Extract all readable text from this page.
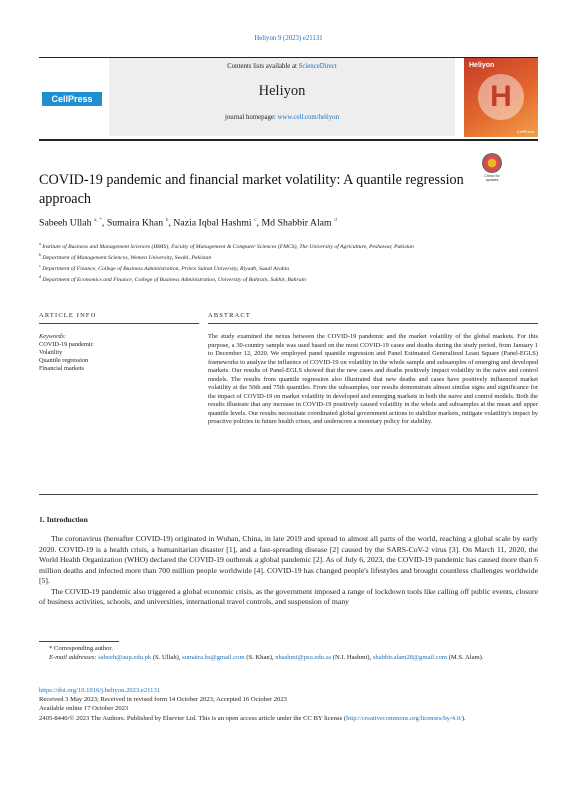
Heliyon 9 (2023) e21131
CellPress
Contents lists available at ScienceDirect
Heliyon
journal homepage: www.cell.com/heliyon
Heliyon
H
CellPress
Check for updates
COVID-19 pandemic and financial market volatility: A quantile regression approach
Sabeeh Ullah $^{a, *}$, Sumaira Khan $^b$, Nazia Iqbal Hashmi $^c$, Md Shabbir Alam $^d$
$^a$ Institute of Business and Management Sciences (IBMS), Faculty of Management & Computer Sciences (FMCS), The University of Agriculture, Peshawar, Pakistan
$^b$ Department of Management Sciences, Women University, Swabi, Pakistan
$^c$ Department of Finance, College of Business Administration, Prince Sultan University, Riyadh, Saudi Arabia
$^d$ Department of Economics and Finance, College of Business Administration, University of Bahrain, Sakhir, Bahrain
ARTICLE INFO	ABSTRACT
Keywords:
COVID-19 pandemic
Volatility
Quantile regression
Financial markets
The study examined the nexus between the COVID-19 pandemic and the market volatility of the global markets. For this purpose, a 30-country sample was used based on the most COVID-19 cases and deaths during the study period, from January 1 to December 12, 2020. We employed panel quantile regression and Panel Estimated Generalized Least Square (Panel-EGLS) frameworks to analyze the influence of COVID-19 on volatility in the whole sample and subsamples of emerging and developed markets. Our results of Panel-EGLS showed that the new cases and deaths positively impact volatility in the naive and control models. The results from quantile regression also illustrated that new deaths and cases have positively influenced market volatility at the 50th and 75th quantiles. From the subsamples, our results demonstrate almost similar signs and significance for the impact of COVID-19 on market volatility in developed and emerging markets in both the naive and control models. Both the results illustrate that any increase in COVID-19 positively caused volatility in the whole and subsamples at the mean and upper quantile levels. Our results necessitate coordinated global government actions to stabilize markets, mitigate volatility's impact by proactive policies in future health crises, and underscore a monetary policy for stability.
1. Introduction

The coronavirus (hereafter COVID-19) originated in Wuhan, China, in late 2019 and spread to almost all parts of the world, reaching a global scale by early 2020. COVID-19 is a health crisis, a humanitarian disaster [1], and a fast-spreading disease [2] caused by the SARS-CoV-2 virus [3]. On March 11, 2020, the World Health Organization (WHO) declared the COVID-19 outbreak a global pandemic [2]. As of July 6, 2023, the COVID-19 pandemic has caused more than 6 million deaths and infected more than 700 million people worldwide [4]. COVID-19 has changed people's lifestyles and brought countless challenges worldwide [5].

The COVID-19 pandemic also triggered a global economic crisis, as the government imposed a range of lockdown tools like calling off public events, closure of business activities, schools, and universities, international travel controls, and suspension of many

* Corresponding author.
E-mail addresses: sabeeh@aup.edu.pk (S. Ullah), sumaira.bs@gmail.com (S. Khan), nhashmi@psu.edu.sa (N.I. Hashmi), shabbir.alam28@gmail.com (M.S. Alam).
https://doi.org/10.1016/j.heliyon.2023.e21131
Received 3 May 2023; Received in revised form 14 October 2023; Accepted 16 October 2023
Available online 17 October 2023
2405-8440/© 2023 The Authors. Published by Elsevier Ltd. This is an open access article under the CC BY license (http://creativecommons.org/licenses/by/4.0/).
